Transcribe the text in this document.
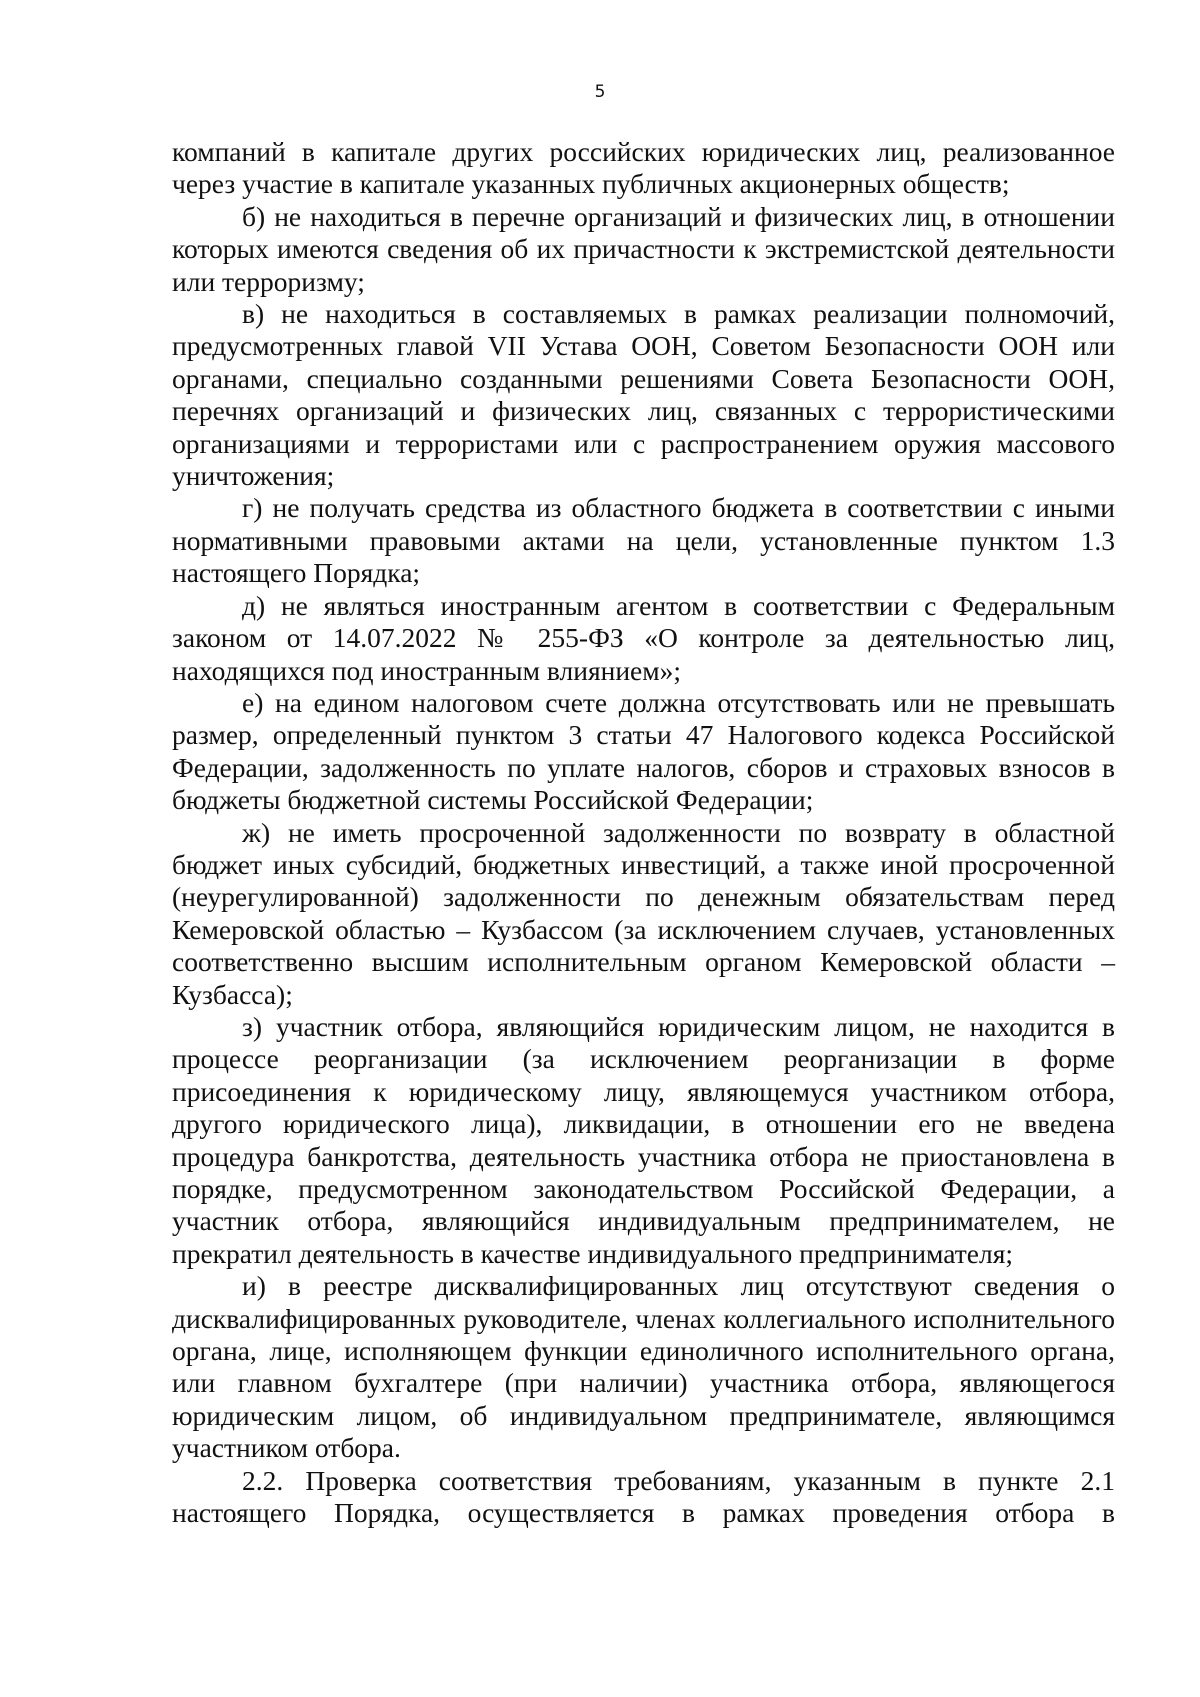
5

компаний в капитале других российских юридических лиц, реализованное через участие в капитале указанных публичных акционерных обществ;

б) не находиться в перечне организаций и физических лиц, в отношении которых имеются сведения об их причастности к экстремистской деятельности или терроризму;

в) не находиться в составляемых в рамках реализации полномочий, предусмотренных главой VII Устава ООН, Советом Безопасности ООН или органами, специально созданными решениями Совета Безопасности ООН, перечнях организаций и физических лиц, связанных с террористическими организациями и террористами или с распространением оружия массового уничтожения;

г) не получать средства из областного бюджета в соответствии с иными нормативными правовыми актами на цели, установленные пунктом 1.3 настоящего Порядка;

д) не являться иностранным агентом в соответствии с Федеральным законом от 14.07.2022 № 255-ФЗ «О контроле за деятельностью лиц, находящихся под иностранным влиянием»;

е) на едином налоговом счете должна отсутствовать или не превышать размер, определенный пунктом 3 статьи 47 Налогового кодекса Российской Федерации, задолженность по уплате налогов, сборов и страховых взносов в бюджеты бюджетной системы Российской Федерации;

ж) не иметь просроченной задолженности по возврату в областной бюджет иных субсидий, бюджетных инвестиций, а также иной просроченной (неурегулированной) задолженности по денежным обязательствам перед Кемеровской областью – Кузбассом (за исключением случаев, установленных соответственно высшим исполнительным органом Кемеровской области – Кузбасса);

з) участник отбора, являющийся юридическим лицом, не находится в процессе реорганизации (за исключением реорганизации в форме присоединения к юридическому лицу, являющемуся участником отбора, другого юридического лица), ликвидации, в отношении его не введена процедура банкротства, деятельность участника отбора не приостановлена в порядке, предусмотренном законодательством Российской Федерации, а участник отбора, являющийся индивидуальным предпринимателем, не прекратил деятельность в качестве индивидуального предпринимателя;

и) в реестре дисквалифицированных лиц отсутствуют сведения о дисквалифицированных руководителе, членах коллегиального исполнительного органа, лице, исполняющем функции единоличного исполнительного органа, или главном бухгалтере (при наличии) участника отбора, являющегося юридическим лицом, об индивидуальном предпринимателе, являющимся участником отбора.

2.2. Проверка соответствия требованиям, указанным в пункте 2.1 настоящего Порядка, осуществляется в рамках проведения отбора в
